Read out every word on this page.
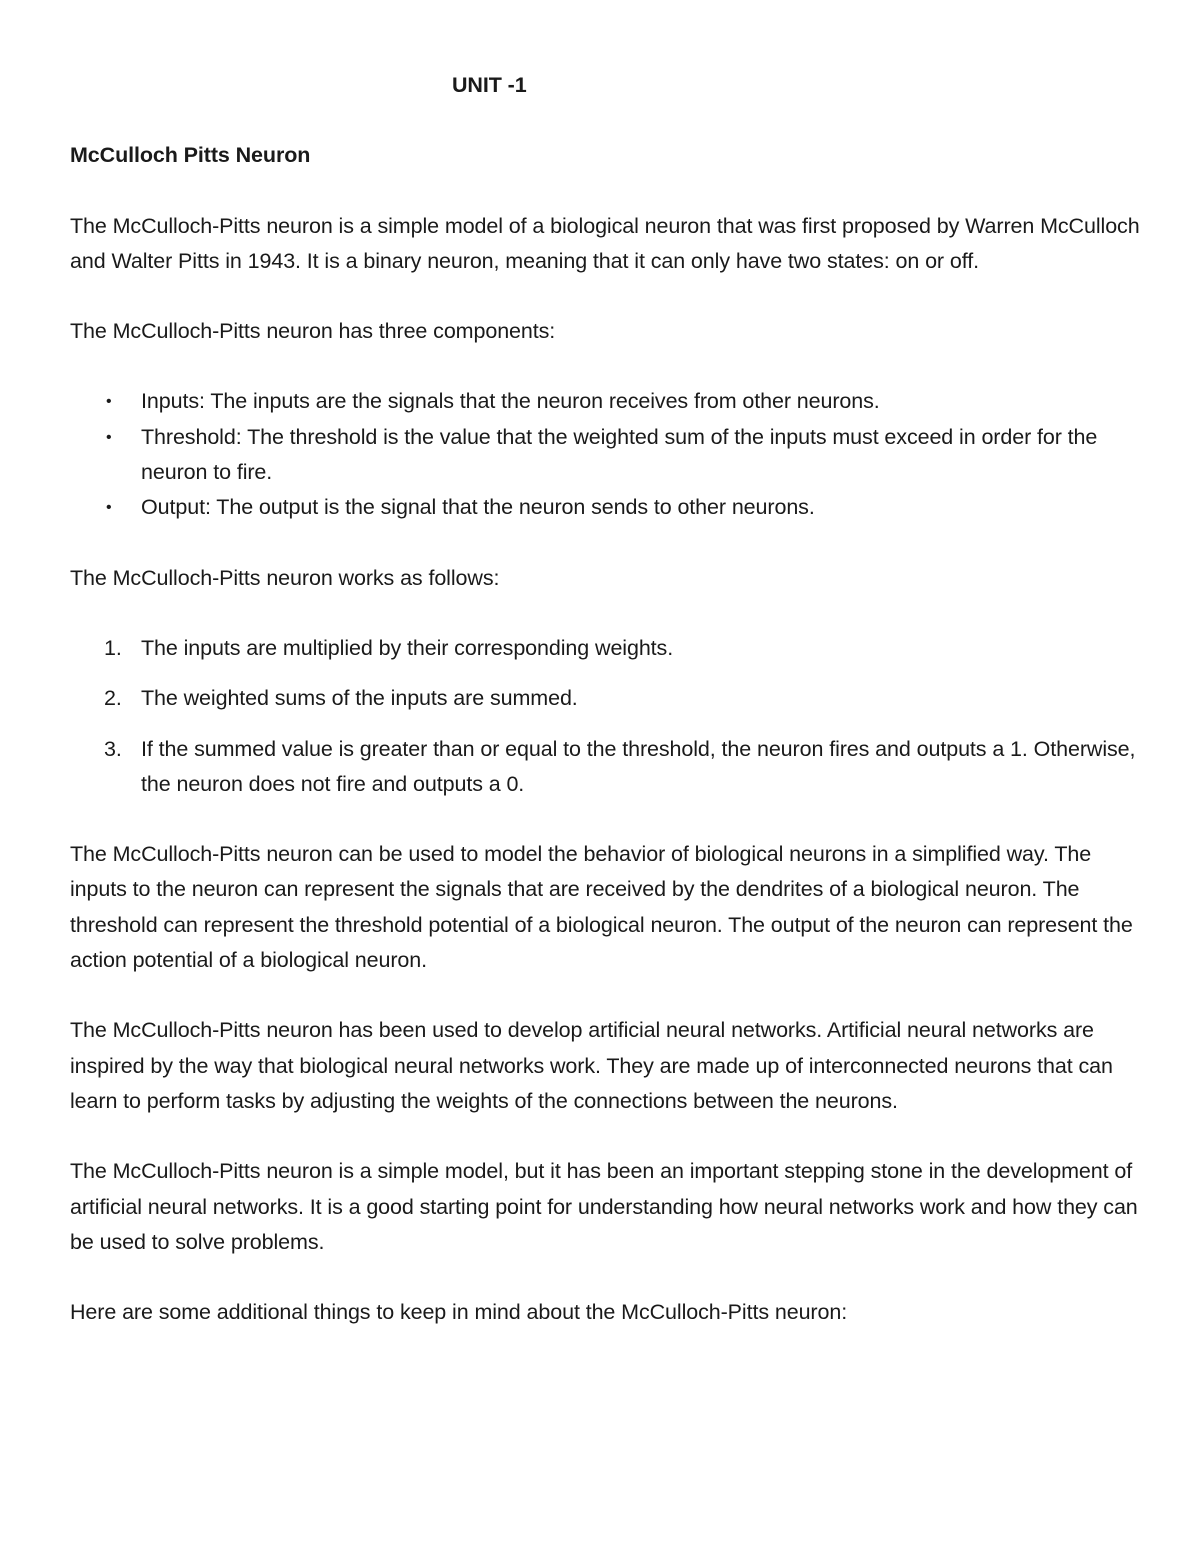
UNIT -1
McCulloch Pitts Neuron

The McCulloch-Pitts neuron is a simple model of a biological neuron that was first proposed by Warren McCulloch and Walter Pitts in 1943. It is a binary neuron, meaning that it can only have two states: on or off.

The McCulloch-Pitts neuron has three components:

• Inputs: The inputs are the signals that the neuron receives from other neurons.
• Threshold: The threshold is the value that the weighted sum of the inputs must exceed in order for the neuron to fire.
• Output: The output is the signal that the neuron sends to other neurons.

The McCulloch-Pitts neuron works as follows:

1. The inputs are multiplied by their corresponding weights.
2. The weighted sums of the inputs are summed.
3. If the summed value is greater than or equal to the threshold, the neuron fires and outputs a 1. Otherwise, the neuron does not fire and outputs a 0.

The McCulloch-Pitts neuron can be used to model the behavior of biological neurons in a simplified way. The inputs to the neuron can represent the signals that are received by the dendrites of a biological neuron. The threshold can represent the threshold potential of a biological neuron. The output of the neuron can represent the action potential of a biological neuron.

The McCulloch-Pitts neuron has been used to develop artificial neural networks. Artificial neural networks are inspired by the way that biological neural networks work. They are made up of interconnected neurons that can learn to perform tasks by adjusting the weights of the connections between the neurons.

The McCulloch-Pitts neuron is a simple model, but it has been an important stepping stone in the development of artificial neural networks. It is a good starting point for understanding how neural networks work and how they can be used to solve problems.

Here are some additional things to keep in mind about the McCulloch-Pitts neuron:
